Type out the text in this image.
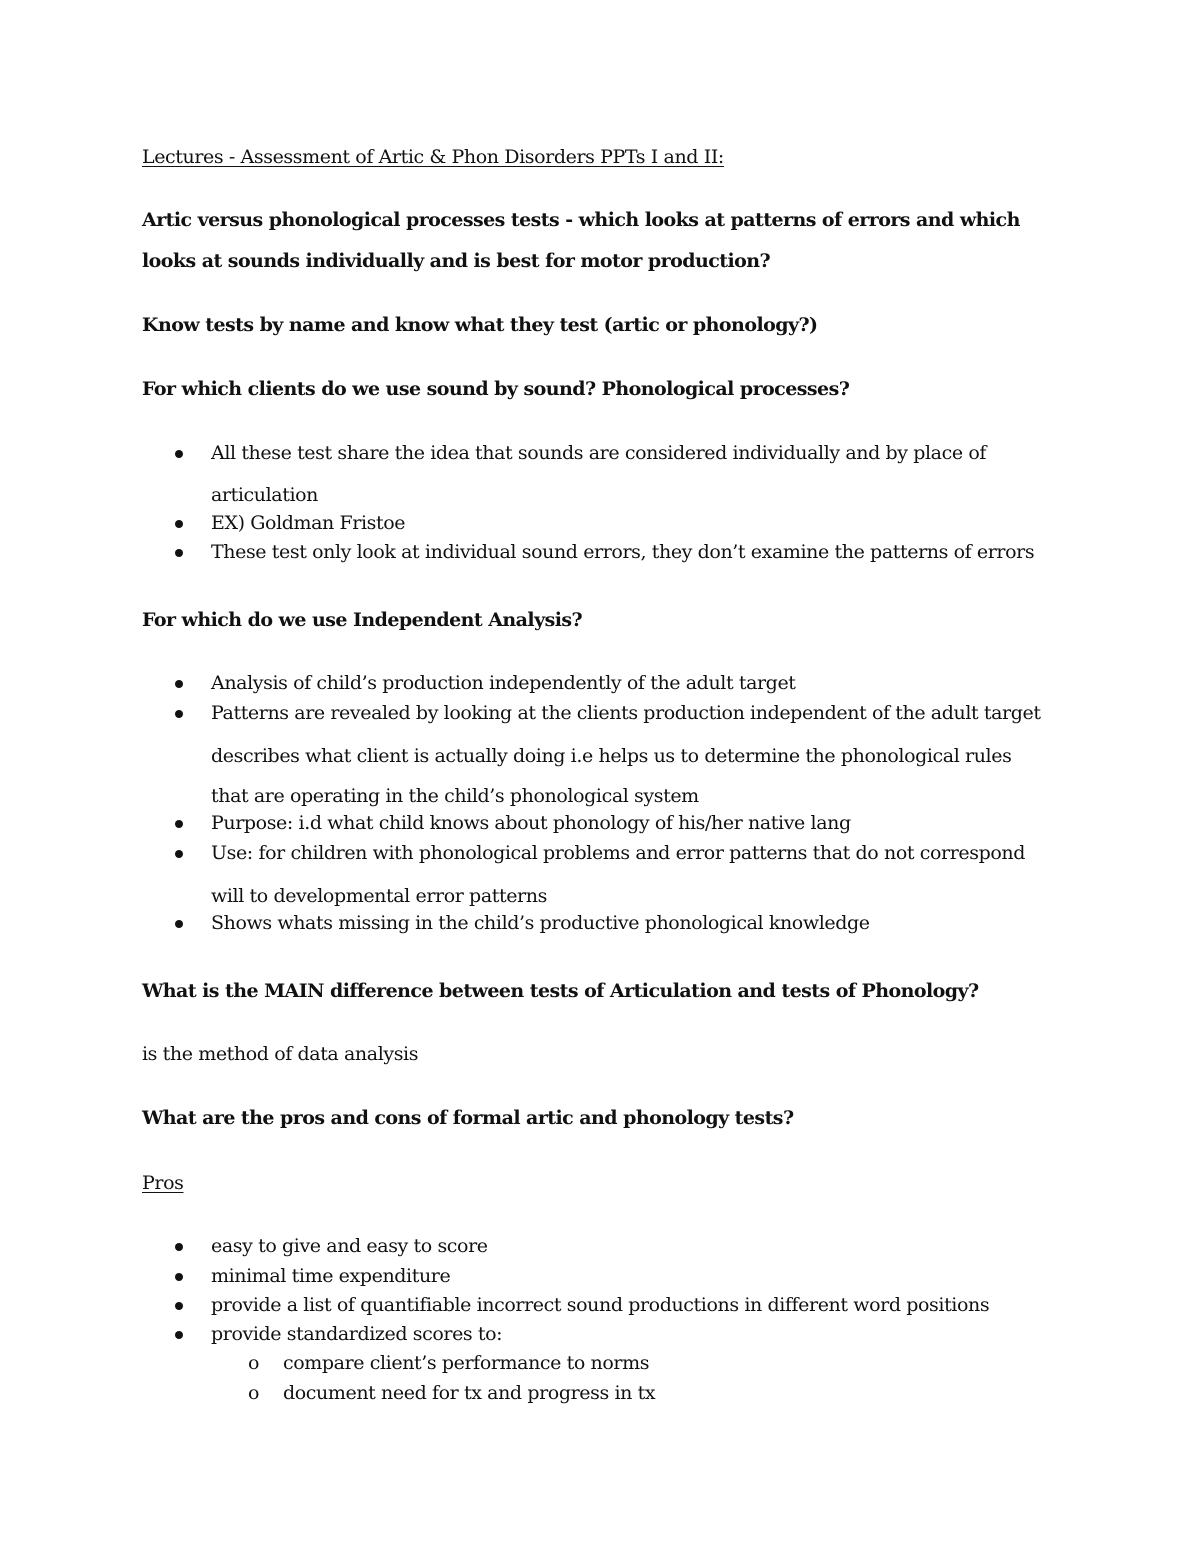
Lectures - Assessment of Artic & Phon Disorders PPTs I and II:

Artic versus phonological processes tests - which looks at patterns of errors and which

looks at sounds individually and is best for motor production?

Know tests by name and know what they test (artic or phonology?)

For which clients do we use sound by sound? Phonological processes?

All these test share the idea that sounds are considered individually and by place of

articulation

EX) Goldman Fristoe

These test only look at individual sound errors, they don’t examine the patterns of errors

For which do we use Independent Analysis?

Analysis of child’s production independently of the adult target

Patterns are revealed by looking at the clients production independent of the adult target

describes what client is actually doing i.e helps us to determine the phonological rules

that are operating in the child’s phonological system

Purpose: i.d what child knows about phonology of his/her native lang

Use: for children with phonological problems and error patterns that do not correspond

will to developmental error patterns

Shows whats missing in the child’s productive phonological knowledge

What is the MAIN difference between tests of Articulation and tests of Phonology?

is the method of data analysis

What are the pros and cons of formal artic and phonology tests?

Pros

easy to give and easy to score

minimal time expenditure

provide a list of quantifiable incorrect sound productions in different word positions

provide standardized scores to:

o compare client’s performance to norms

o document need for tx and progress in tx
